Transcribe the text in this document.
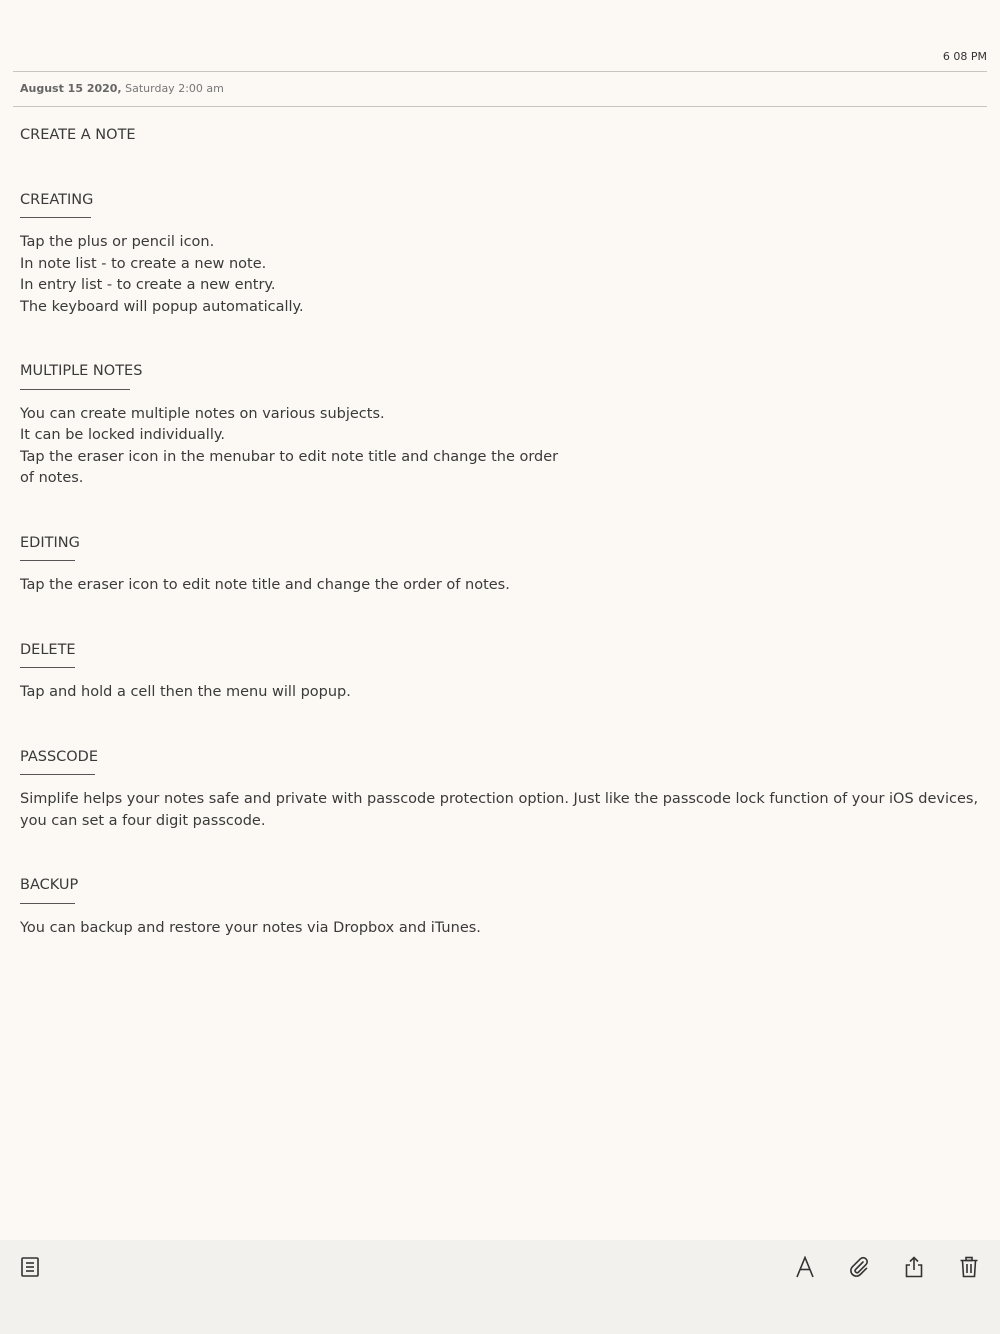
6 08 PM
August 15 2020, Saturday 2:00 am
CREATE A NOTE
CREATING
Tap the plus or pencil icon.
In note list - to create a new note.
In entry list - to create a new entry.
The keyboard will popup automatically.
MULTIPLE NOTES
You can create multiple notes on various subjects.
It can be locked individually.
Tap the eraser icon in the menubar to edit note title and change the order
of notes.
EDITING
Tap the eraser icon to edit note title and change the order of notes.
DELETE
Tap and hold a cell then the menu will popup.
PASSCODE
Simplife helps your notes safe and private with passcode protection option. Just like the passcode lock function of your iOS devices, you can set a four digit passcode.
BACKUP
You can backup and restore your notes via Dropbox and iTunes.
